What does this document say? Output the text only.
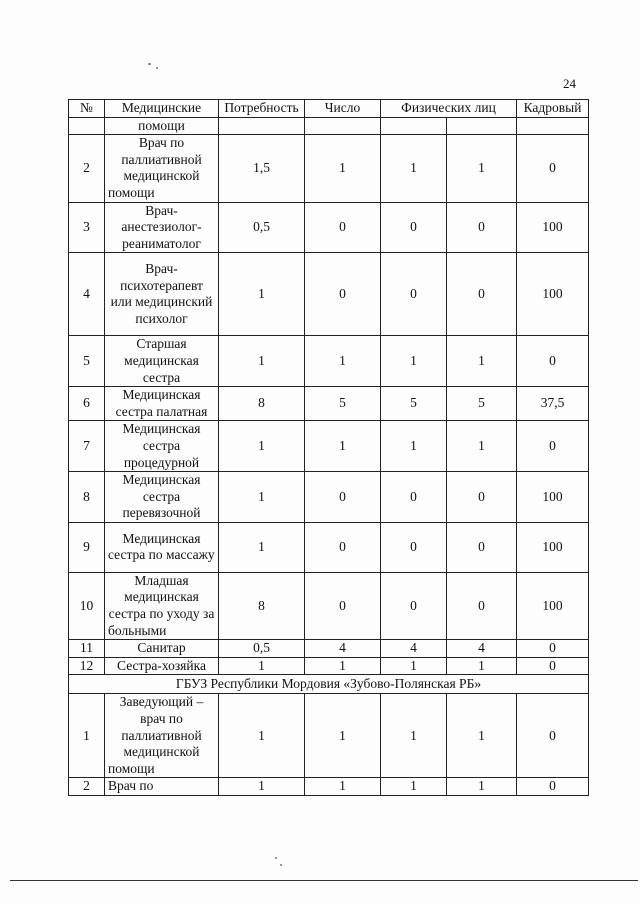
24
№	Медицинские	Потребность	Число	Физических лиц		Кадровый
	помощи					
2	Врач по паллиативной медицинской помощи	1,5	1	1	1	0
3	Врач-анестезиолог-реаниматолог	0,5	0	0	0	100
4	Врач-психотерапевт или медицинский психолог	1	0	0	0	100
5	Старшая медицинская сестра	1	1	1	1	0
6	Медицинская сестра палатная	8	5	5	5	37,5
7	Медицинская сестра процедурной	1	1	1	1	0
8	Медицинская сестра перевязочной	1	0	0	0	100
9	Медицинская сестра по массажу	1	0	0	0	100
10	Младшая медицинская сестра по уходу за больными	8	0	0	0	100
11	Санитар	0,5	4	4	4	0
12	Сестра-хозяйка	1	1	1	1	0
ГБУЗ Республики Мордовия «Зубово-Полянская РБ»						
1	Заведующий – врач по паллиативной медицинской помощи	1	1	1	1	0
2	Врач по	1	1	1	1	0
